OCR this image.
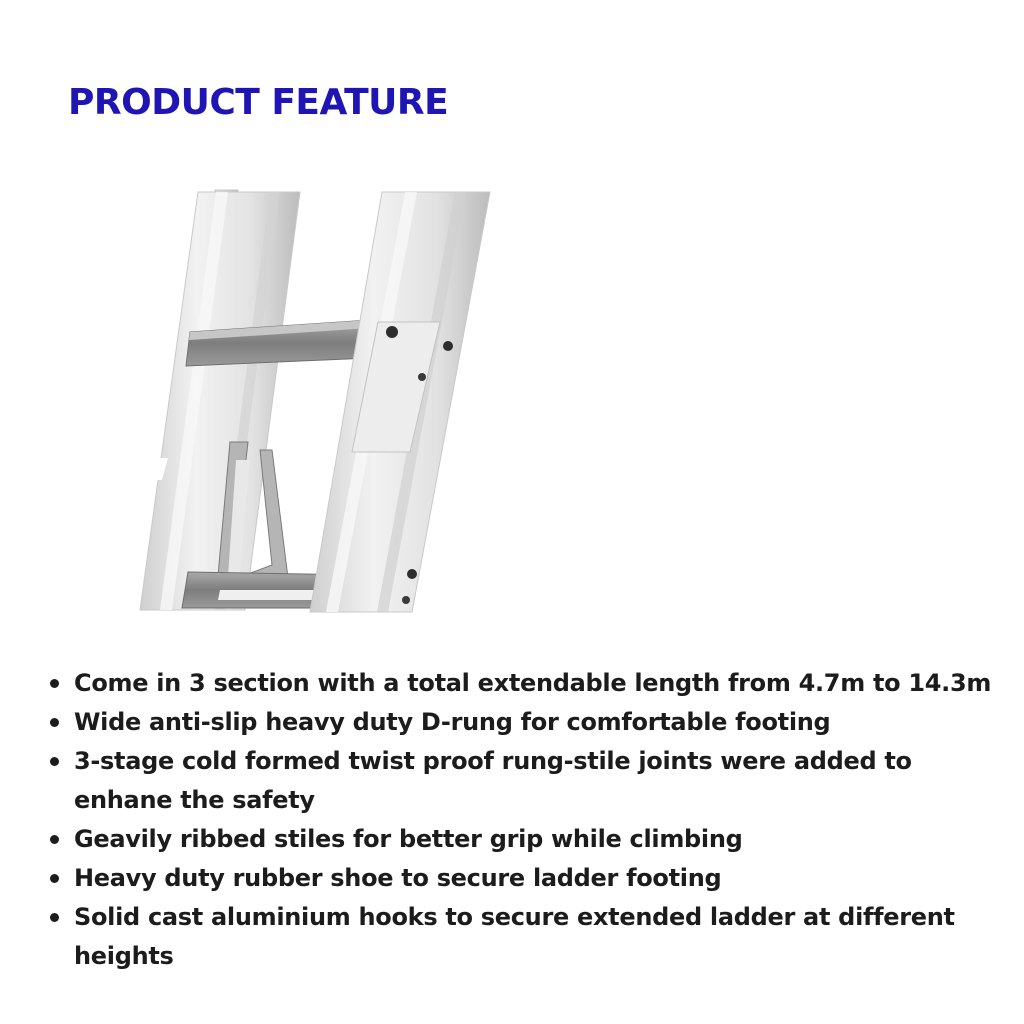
PRODUCT FEATURE
Come in 3 section with a total extendable length from 4.7m to 14.3m
Wide anti-slip heavy duty D-rung for comfortable footing
3-stage cold formed twist proof rung-stile joints were added to enhane the safety
Geavily ribbed stiles for better grip while climbing
Heavy duty rubber shoe to secure ladder footing
Solid cast aluminium hooks to secure extended ladder at different heights
